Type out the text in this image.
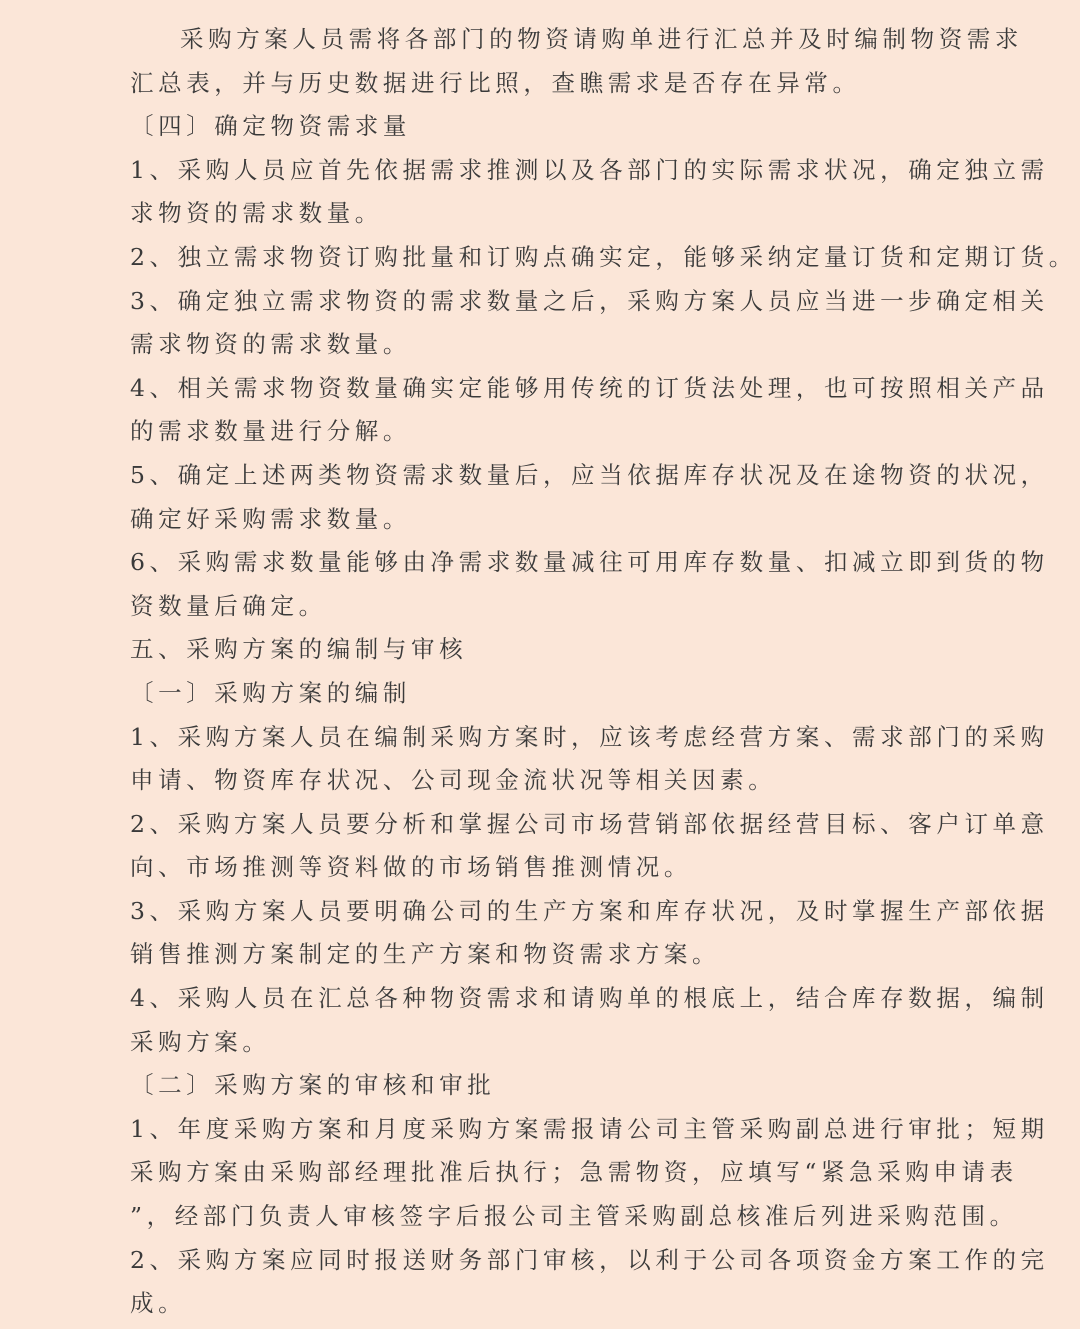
采购方案人员需将各部门的物资请购单进行汇总并及时编制物资需求
汇总表，并与历史数据进行比照，查瞧需求是否存在异常。
〔四〕确定物资需求量
1、采购人员应首先依据需求推测以及各部门的实际需求状况，确定独立需
求物资的需求数量。
2、独立需求物资订购批量和订购点确实定，能够采纳定量订货和定期订货。
3、确定独立需求物资的需求数量之后，采购方案人员应当进一步确定相关
需求物资的需求数量。
4、相关需求物资数量确实定能够用传统的订货法处理，也可按照相关产品
的需求数量进行分解。
5、确定上述两类物资需求数量后，应当依据库存状况及在途物资的状况，
确定好采购需求数量。
6、采购需求数量能够由净需求数量减往可用库存数量、扣减立即到货的物
资数量后确定。
五、采购方案的编制与审核
〔一〕采购方案的编制
1、采购方案人员在编制采购方案时，应该考虑经营方案、需求部门的采购
申请、物资库存状况、公司现金流状况等相关因素。
2、采购方案人员要分析和掌握公司市场营销部依据经营目标、客户订单意
向、市场推测等资料做的市场销售推测情况。
3、采购方案人员要明确公司的生产方案和库存状况，及时掌握生产部依据
销售推测方案制定的生产方案和物资需求方案。
4、采购人员在汇总各种物资需求和请购单的根底上，结合库存数据，编制
采购方案。
〔二〕采购方案的审核和审批
1、年度采购方案和月度采购方案需报请公司主管采购副总进行审批；短期
采购方案由采购部经理批准后执行；急需物资，应填写“紧急采购申请表
”，经部门负责人审核签字后报公司主管采购副总核准后列进采购范围。
2、采购方案应同时报送财务部门审核，以利于公司各项资金方案工作的完
成。
